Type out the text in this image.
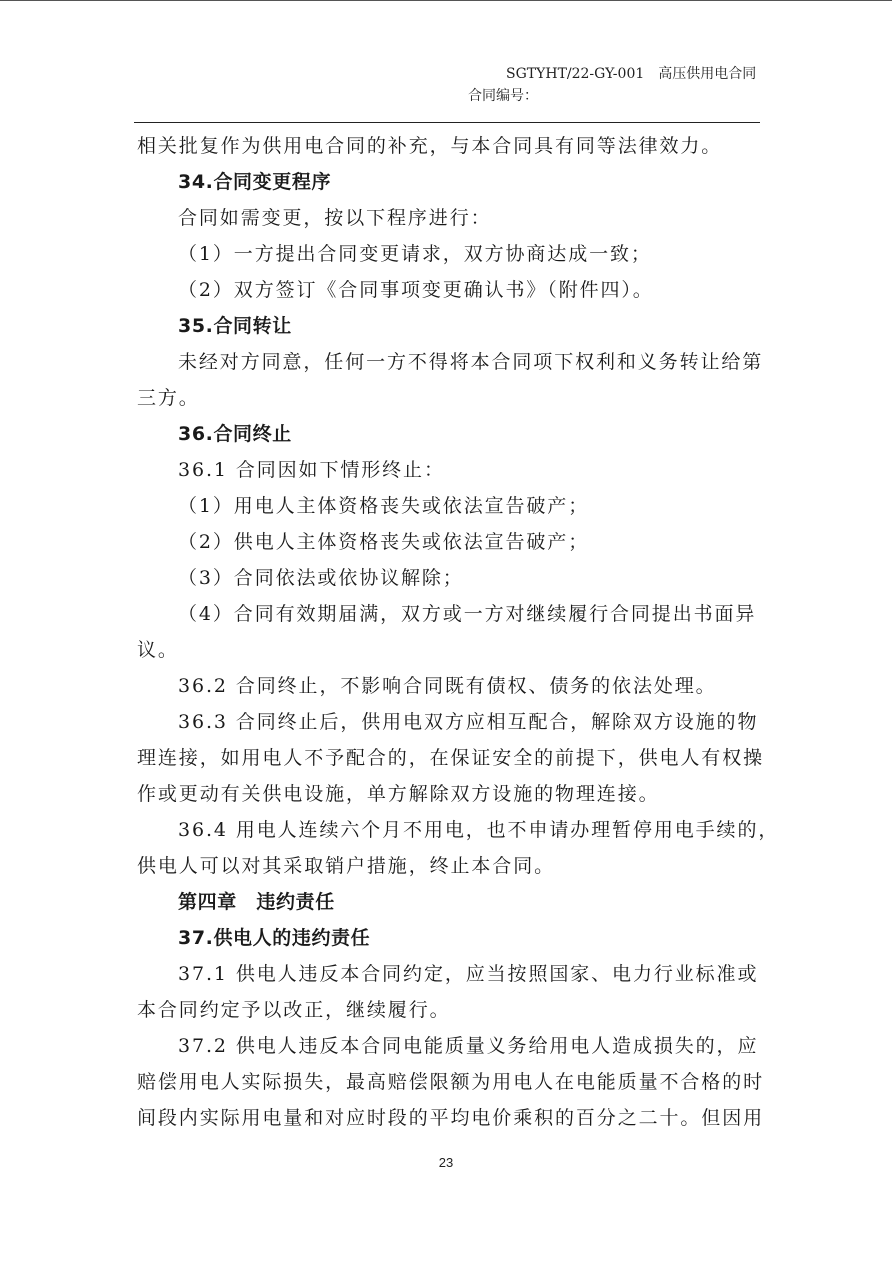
SGTYHT/22-GY-001 高压供用电合同
合同编号：

相关批复作为供用电合同的补充，与本合同具有同等法律效力。

34.合同变更程序

合同如需变更，按以下程序进行：

（1）一方提出合同变更请求，双方协商达成一致；

（2）双方签订《合同事项变更确认书》（附件四）。

35.合同转让

未经对方同意，任何一方不得将本合同项下权利和义务转让给第

三方。

36.合同终止

36.1 合同因如下情形终止：

（1）用电人主体资格丧失或依法宣告破产；

（2）供电人主体资格丧失或依法宣告破产；

（3）合同依法或依协议解除；

（4）合同有效期届满，双方或一方对继续履行合同提出书面异

议。

36.2 合同终止，不影响合同既有债权、债务的依法处理。

36.3 合同终止后，供用电双方应相互配合，解除双方设施的物

理连接，如用电人不予配合的，在保证安全的前提下，供电人有权操

作或更动有关供电设施，单方解除双方设施的物理连接。

36.4 用电人连续六个月不用电，也不申请办理暂停用电手续的，

供电人可以对其采取销户措施，终止本合同。

第四章　违约责任

37.供电人的违约责任

37.1 供电人违反本合同约定，应当按照国家、电力行业标准或

本合同约定予以改正，继续履行。

37.2 供电人违反本合同电能质量义务给用电人造成损失的，应

赔偿用电人实际损失，最高赔偿限额为用电人在电能质量不合格的时

间段内实际用电量和对应时段的平均电价乘积的百分之二十。但因用

23
